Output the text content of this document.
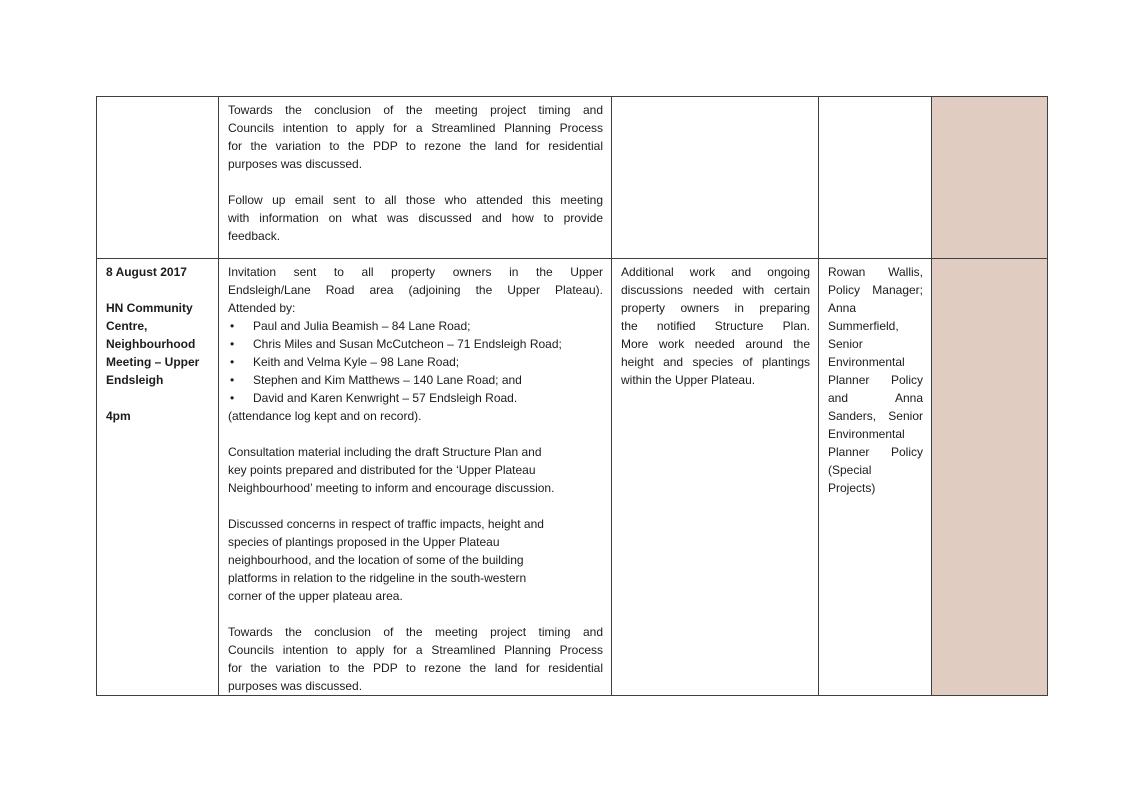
Towards the conclusion of the meeting project timing and
Councils intention to apply for a Streamlined Planning Process
for the variation to the PDP to rezone the land for residential
purposes was discussed.

Follow up email sent to all those who attended this meeting
with information on what was discussed and how to provide
feedback.
8 August 2017

HN Community
Centre,
Neighbourhood
Meeting – Upper
Endsleigh

4pm
Invitation sent to all property owners in the Upper
Endsleigh/Lane Road area (adjoining the Upper Plateau).
Attended by:
• Paul and Julia Beamish – 84 Lane Road;
• Chris Miles and Susan McCutcheon – 71 Endsleigh Road;
• Keith and Velma Kyle – 98 Lane Road;
• Stephen and Kim Matthews – 140 Lane Road; and
• David and Karen Kenwright – 57 Endsleigh Road.
(attendance log kept and on record).

Consultation material including the draft Structure Plan and
key points prepared and distributed for the ‘Upper Plateau
Neighbourhood’ meeting to inform and encourage discussion.

Discussed concerns in respect of traffic impacts, height and
species of plantings proposed in the Upper Plateau
neighbourhood, and the location of some of the building
platforms in relation to the ridgeline in the south-western
corner of the upper plateau area.

Towards the conclusion of the meeting project timing and
Councils intention to apply for a Streamlined Planning Process
for the variation to the PDP to rezone the land for residential
purposes was discussed.
Additional work and ongoing
discussions needed with certain
property owners in preparing
the notified Structure Plan.
More work needed around the
height and species of plantings
within the Upper Plateau.
Rowan Wallis,
Policy Manager;
Anna
Summerfield,
Senior
Environmental
Planner Policy
and Anna
Sanders, Senior
Environmental
Planner Policy
(Special
Projects)
